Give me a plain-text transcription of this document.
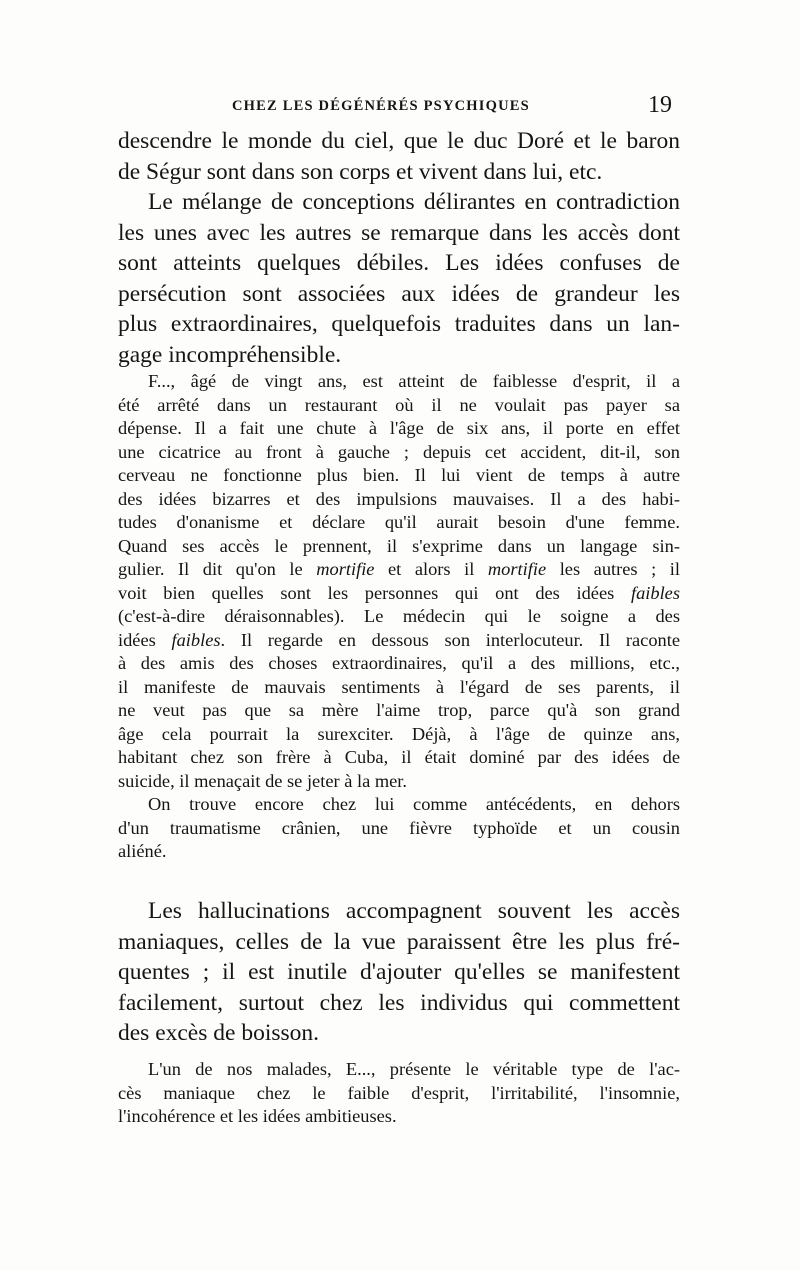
CHEZ LES DÉGÉNÉRÉS PSYCHIQUES	19
descendre le monde du ciel, que le duc Doré et le baron
de Ségur sont dans son corps et vivent dans lui, etc.
Le mélange de conceptions délirantes en contradiction
les unes avec les autres se remarque dans les accès dont
sont atteints quelques débiles. Les idées confuses de
persécution sont associées aux idées de grandeur les
plus extraordinaires, quelquefois traduites dans un lan-
gage incompréhensible.
F..., âgé de vingt ans, est atteint de faiblesse d'esprit, il a
été arrêté dans un restaurant où il ne voulait pas payer sa
dépense. Il a fait une chute à l'âge de six ans, il porte en effet
une cicatrice au front à gauche ; depuis cet accident, dit-il, son
cerveau ne fonctionne plus bien. Il lui vient de temps à autre
des idées bizarres et des impulsions mauvaises. Il a des habi-
tudes d'onanisme et déclare qu'il aurait besoin d'une femme.
Quand ses accès le prennent, il s'exprime dans un langage sin-
gulier. Il dit qu'on le mortifie et alors il mortifie les autres ; il
voit bien quelles sont les personnes qui ont des idées faibles
(c'est-à-dire déraisonnables). Le médecin qui le soigne a des
idées faibles. Il regarde en dessous son interlocuteur. Il raconte
à des amis des choses extraordinaires, qu'il a des millions, etc.,
il manifeste de mauvais sentiments à l'égard de ses parents, il
ne veut pas que sa mère l'aime trop, parce qu'à son grand
âge cela pourrait la surexciter. Déjà, à l'âge de quinze ans,
habitant chez son frère à Cuba, il était dominé par des idées de
suicide, il menaçait de se jeter à la mer.
On trouve encore chez lui comme antécédents, en dehors
d'un traumatisme crânien, une fièvre typhoïde et un cousin
aliéné.
Les hallucinations accompagnent souvent les accès
maniaques, celles de la vue paraissent être les plus fré-
quentes ; il est inutile d'ajouter qu'elles se manifestent
facilement, surtout chez les individus qui commettent
des excès de boisson.
L'un de nos malades, E..., présente le véritable type de l'ac-
cès maniaque chez le faible d'esprit, l'irritabilité, l'insomnie,
l'incohérence et les idées ambitieuses.
